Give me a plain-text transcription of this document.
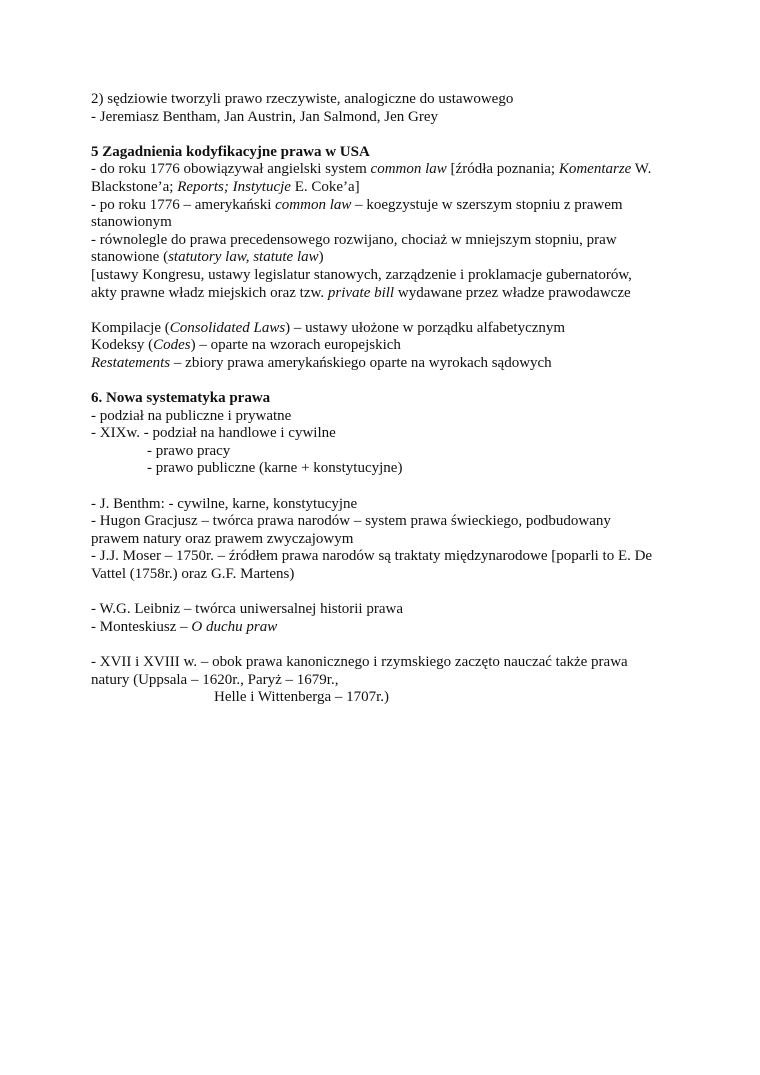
2) sędziowie tworzyli prawo rzeczywiste, analogiczne do ustawowego
- Jeremiasz Bentham, Jan Austrin, Jan Salmond, Jen Grey
5 Zagadnienia kodyfikacyjne prawa w USA
- do roku 1776 obowiązywał angielski system common law [źródła poznania; Komentarze W.
Blackstone’a; Reports; Instytucje E. Coke’a]
- po roku 1776 – amerykański common law – koegzystuje w szerszym stopniu z prawem
stanowionym
- równolegle do prawa precedensowego rozwijano, chociaż w mniejszym stopniu, praw
stanowione (statutory law, statute law)
[ustawy Kongresu, ustawy legislatur stanowych, zarządzenie i proklamacje gubernatorów,
akty prawne władz miejskich oraz tzw. private bill wydawane przez władze prawodawcze
Kompilacje (Consolidated Laws) – ustawy ułożone w porządku alfabetycznym
Kodeksy (Codes) – oparte na wzorach europejskich
Restatements – zbiory prawa amerykańskiego oparte na wyrokach sądowych
6. Nowa systematyka prawa
- podział na publiczne i prywatne
- XIXw. - podział na handlowe i cywilne
- prawo pracy
- prawo publiczne (karne + konstytucyjne)
- J. Benthm: - cywilne, karne, konstytucyjne
- Hugon Gracjusz – twórca prawa narodów – system prawa świeckiego, podbudowany
prawem natury oraz prawem zwyczajowym
- J.J. Moser – 1750r. – źródłem prawa narodów są traktaty międzynarodowe [poparli to E. De
Vattel (1758r.) oraz G.F. Martens)
- W.G. Leibniz – twórca uniwersalnej historii prawa
- Monteskiusz – O duchu praw
- XVII i XVIII w. – obok prawa kanonicznego i rzymskiego zaczęto nauczać także prawa
natury (Uppsala – 1620r., Paryż – 1679r.,
Helle i Wittenberga – 1707r.)
